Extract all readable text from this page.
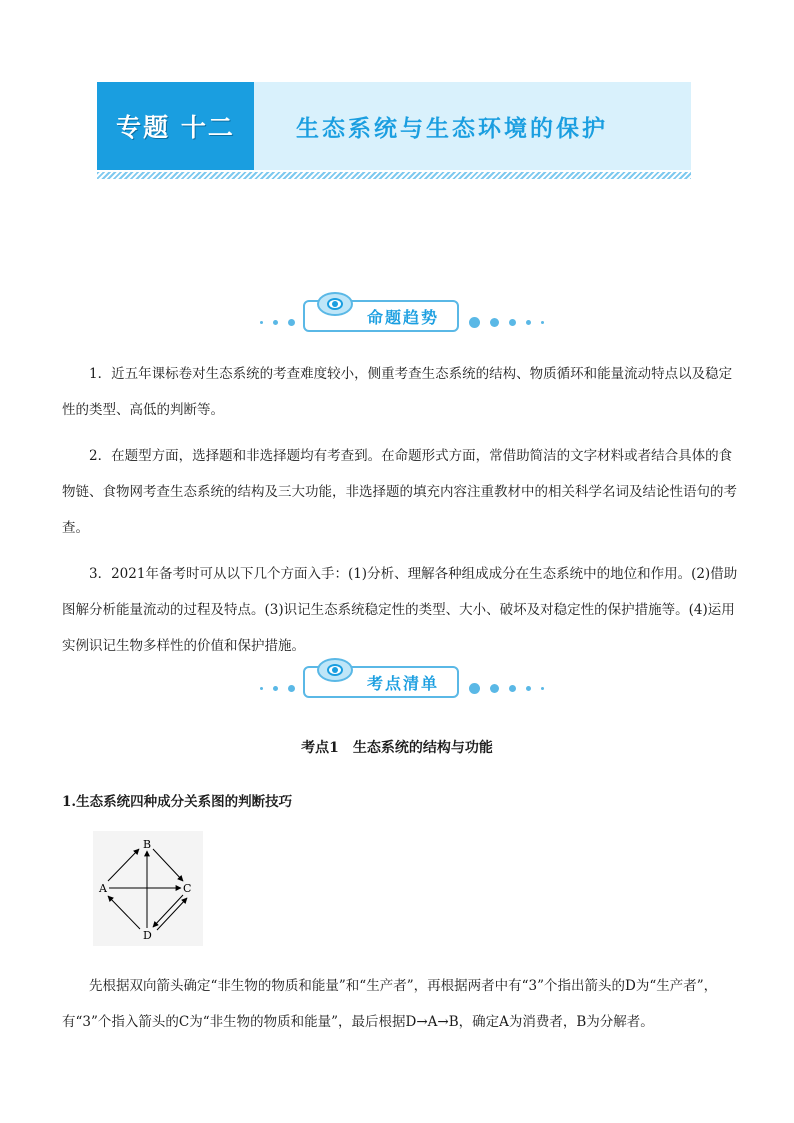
专题 十二	生态系统与生态环境的保护
命题趋势

1．近五年课标卷对生态系统的考查难度较小，侧重考查生态系统的结构、物质循环和能量流动特点以及稳定性的类型、高低的判断等。

2．在题型方面，选择题和非选择题均有考查到。在命题形式方面，常借助简洁的文字材料或者结合具体的食物链、食物网考查生态系统的结构及三大功能，非选择题的填充内容注重教材中的相关科学名词及结论性语句的考查。

3．2021年备考时可从以下几个方面入手：(1)分析、理解各种组成成分在生态系统中的地位和作用。(2)借助图解分析能量流动的过程及特点。(3)识记生态系统稳定性的类型、大小、破坏及对稳定性的保护措施等。(4)运用实例识记生物多样性的价值和保护措施。

考点清单
考点1　生态系统的结构与功能
1.生态系统四种成分关系图的判断技巧
B
A	C
D

先根据双向箭头确定“非生物的物质和能量”和“生产者”，再根据两者中有“3”个指出箭头的D为“生产者”，有“3”个指入箭头的C为“非生物的物质和能量”，最后根据D→A→B，确定A为消费者，B为分解者。
